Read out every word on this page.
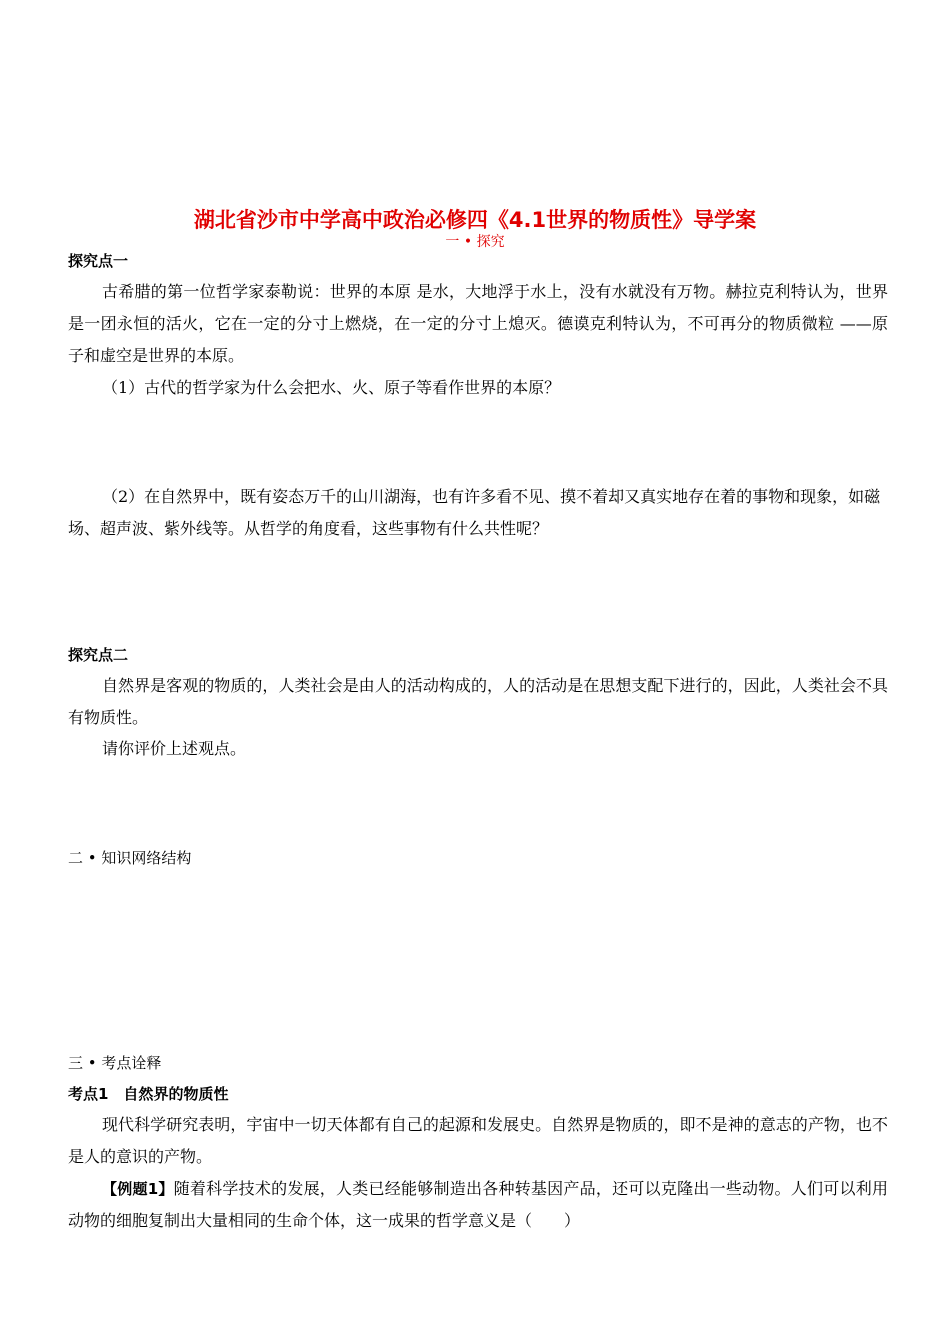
湖北省沙市中学高中政治必修四《4.1世界的物质性》导学案
一 • 探究
探究点一
古希腊的第一位哲学家泰勒说：世界的本原 是水，大地浮于水上，没有水就没有万物。赫拉克利特认为，世界是一团永恒的活火，它在一定的分寸上燃烧，在一定的分寸上熄灭。德谟克利特认为，不可再分的物质微粒 ——原子和虚空是世界的本原。
（1）古代的哲学家为什么会把水、火、原子等看作世界的本原？
（2）在自然界中，既有姿态万千的山川湖海，也有许多看不见、摸不着却又真实地存在着的事物和现象，如磁场、超声波、紫外线等。从哲学的角度看，这些事物有什么共性呢？
探究点二
自然界是客观的物质的，人类社会是由人的活动构成的，人的活动是在思想支配下进行的，因此，人类社会不具有物质性。
请你评价上述观点。
二 • 知识网络结构
三 • 考点诠释
考点1　自然界的物质性
现代科学研究表明，宇宙中一切天体都有自己的起源和发展史。自然界是物质的，即不是神的意志的产物，也不是人的意识的产物。
【例题1】随着科学技术的发展，人类已经能够制造出各种转基因产品，还可以克隆出一些动物。人们可以利用动物的细胞复制出大量相同的生命个体，这一成果的哲学意义是（　　）
